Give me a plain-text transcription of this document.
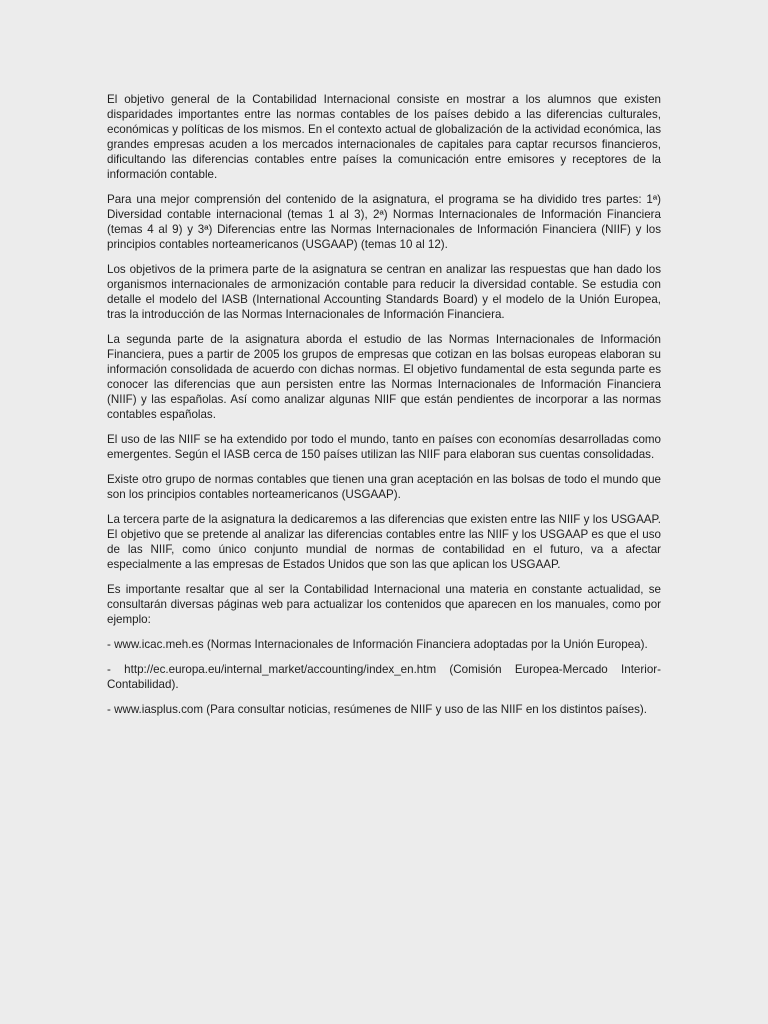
El objetivo general de la Contabilidad Internacional consiste en mostrar a los alumnos que existen disparidades importantes entre las normas contables de los países debido a las diferencias culturales, económicas y políticas de los mismos. En el contexto actual de globalización de la actividad económica, las grandes empresas acuden a los mercados internacionales de capitales para captar recursos financieros, dificultando las diferencias contables entre países la comunicación entre emisores y receptores de la información contable.

Para una mejor comprensión del contenido de la asignatura, el programa se ha dividido tres partes: 1ª) Diversidad contable internacional (temas 1 al 3), 2ª) Normas Internacionales de Información Financiera (temas 4 al 9) y 3ª) Diferencias entre las Normas Internacionales de Información Financiera (NIIF) y los principios contables norteamericanos (USGAAP) (temas 10 al 12).

Los objetivos de la primera parte de la asignatura se centran en analizar las respuestas que han dado los organismos internacionales de armonización contable para reducir la diversidad contable. Se estudia con detalle el modelo del IASB (International Accounting Standards Board) y el modelo de la Unión Europea, tras la introducción de las Normas Internacionales de Información Financiera.

La segunda parte de la asignatura aborda el estudio de las Normas Internacionales de Información Financiera, pues a partir de 2005 los grupos de empresas que cotizan en las bolsas europeas elaboran su información consolidada de acuerdo con dichas normas. El objetivo fundamental de esta segunda parte es conocer las diferencias que aun persisten entre las Normas Internacionales de Información Financiera (NIIF) y las españolas. Así como analizar algunas NIIF que están pendientes de incorporar a las normas contables españolas.

El uso de las NIIF se ha extendido por todo el mundo, tanto en países con economías desarrolladas como emergentes. Según el IASB cerca de 150 países utilizan las NIIF para elaboran sus cuentas consolidadas.

Existe otro grupo de normas contables que tienen una gran aceptación en las bolsas de todo el mundo que son los principios contables norteamericanos (USGAAP).

La tercera parte de la asignatura la dedicaremos a las diferencias que existen entre las NIIF y los USGAAP. El objetivo que se pretende al analizar las diferencias contables entre las NIIF y los USGAAP es que el uso de las NIIF, como único conjunto mundial de normas de contabilidad en el futuro, va a afectar especialmente a las empresas de Estados Unidos que son las que aplican los USGAAP.

Es importante resaltar que al ser la Contabilidad Internacional una materia en constante actualidad, se consultarán diversas páginas web para actualizar los contenidos que aparecen en los manuales, como por ejemplo:

- www.icac.meh.es (Normas Internacionales de Información Financiera adoptadas por la Unión Europea).

- http://ec.europa.eu/internal_market/accounting/index_en.htm (Comisión Europea-Mercado Interior-Contabilidad).

- www.iasplus.com (Para consultar noticias, resúmenes de NIIF y uso de las NIIF en los distintos países).
